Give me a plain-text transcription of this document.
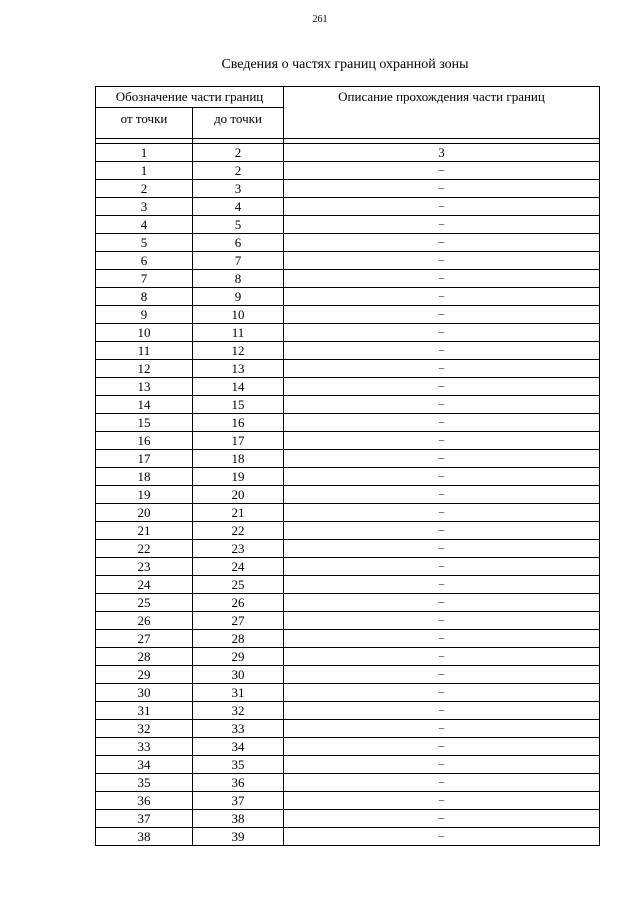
261
Сведения о частях границ охранной зоны
Обозначение части границ		Описание прохождения части границ
от точки	до точки	

1	2	3
1	2	–
2	3	–
3	4	–
4	5	–
5	6	–
6	7	–
7	8	–
8	9	–
9	10	–
10	11	–
11	12	–
12	13	–
13	14	–
14	15	–
15	16	–
16	17	–
17	18	–
18	19	–
19	20	–
20	21	–
21	22	–
22	23	–
23	24	–
24	25	–
25	26	–
26	27	–
27	28	–
28	29	–
29	30	–
30	31	–
31	32	–
32	33	–
33	34	–
34	35	–
35	36	–
36	37	–
37	38	–
38	39	–
